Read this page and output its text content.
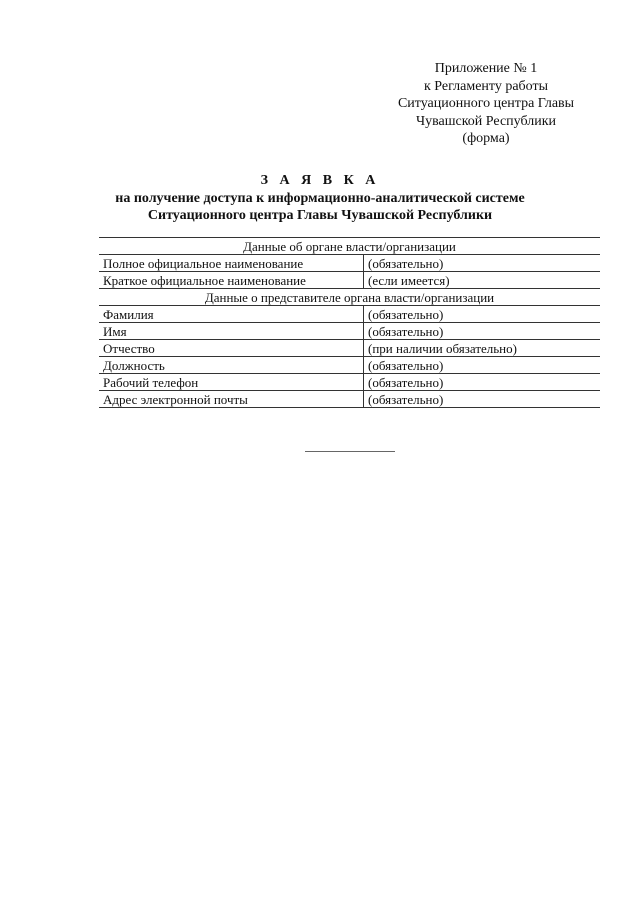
Приложение № 1
к Регламенту работы
Ситуационного центра Главы
Чувашской Республики
(форма)
З А Я В К А
на получение доступа к информационно-аналитической системе
Ситуационного центра Главы Чувашской Республики
Данные об органе власти/организации	
Полное официальное наименование	(обязательно)
Краткое официальное наименование	(если имеется)
Данные о представителе органа власти/организации	
Фамилия	(обязательно)
Имя	(обязательно)
Отчество	(при наличии обязательно)
Должность	(обязательно)
Рабочий телефон	(обязательно)
Адрес электронной почты	(обязательно)
